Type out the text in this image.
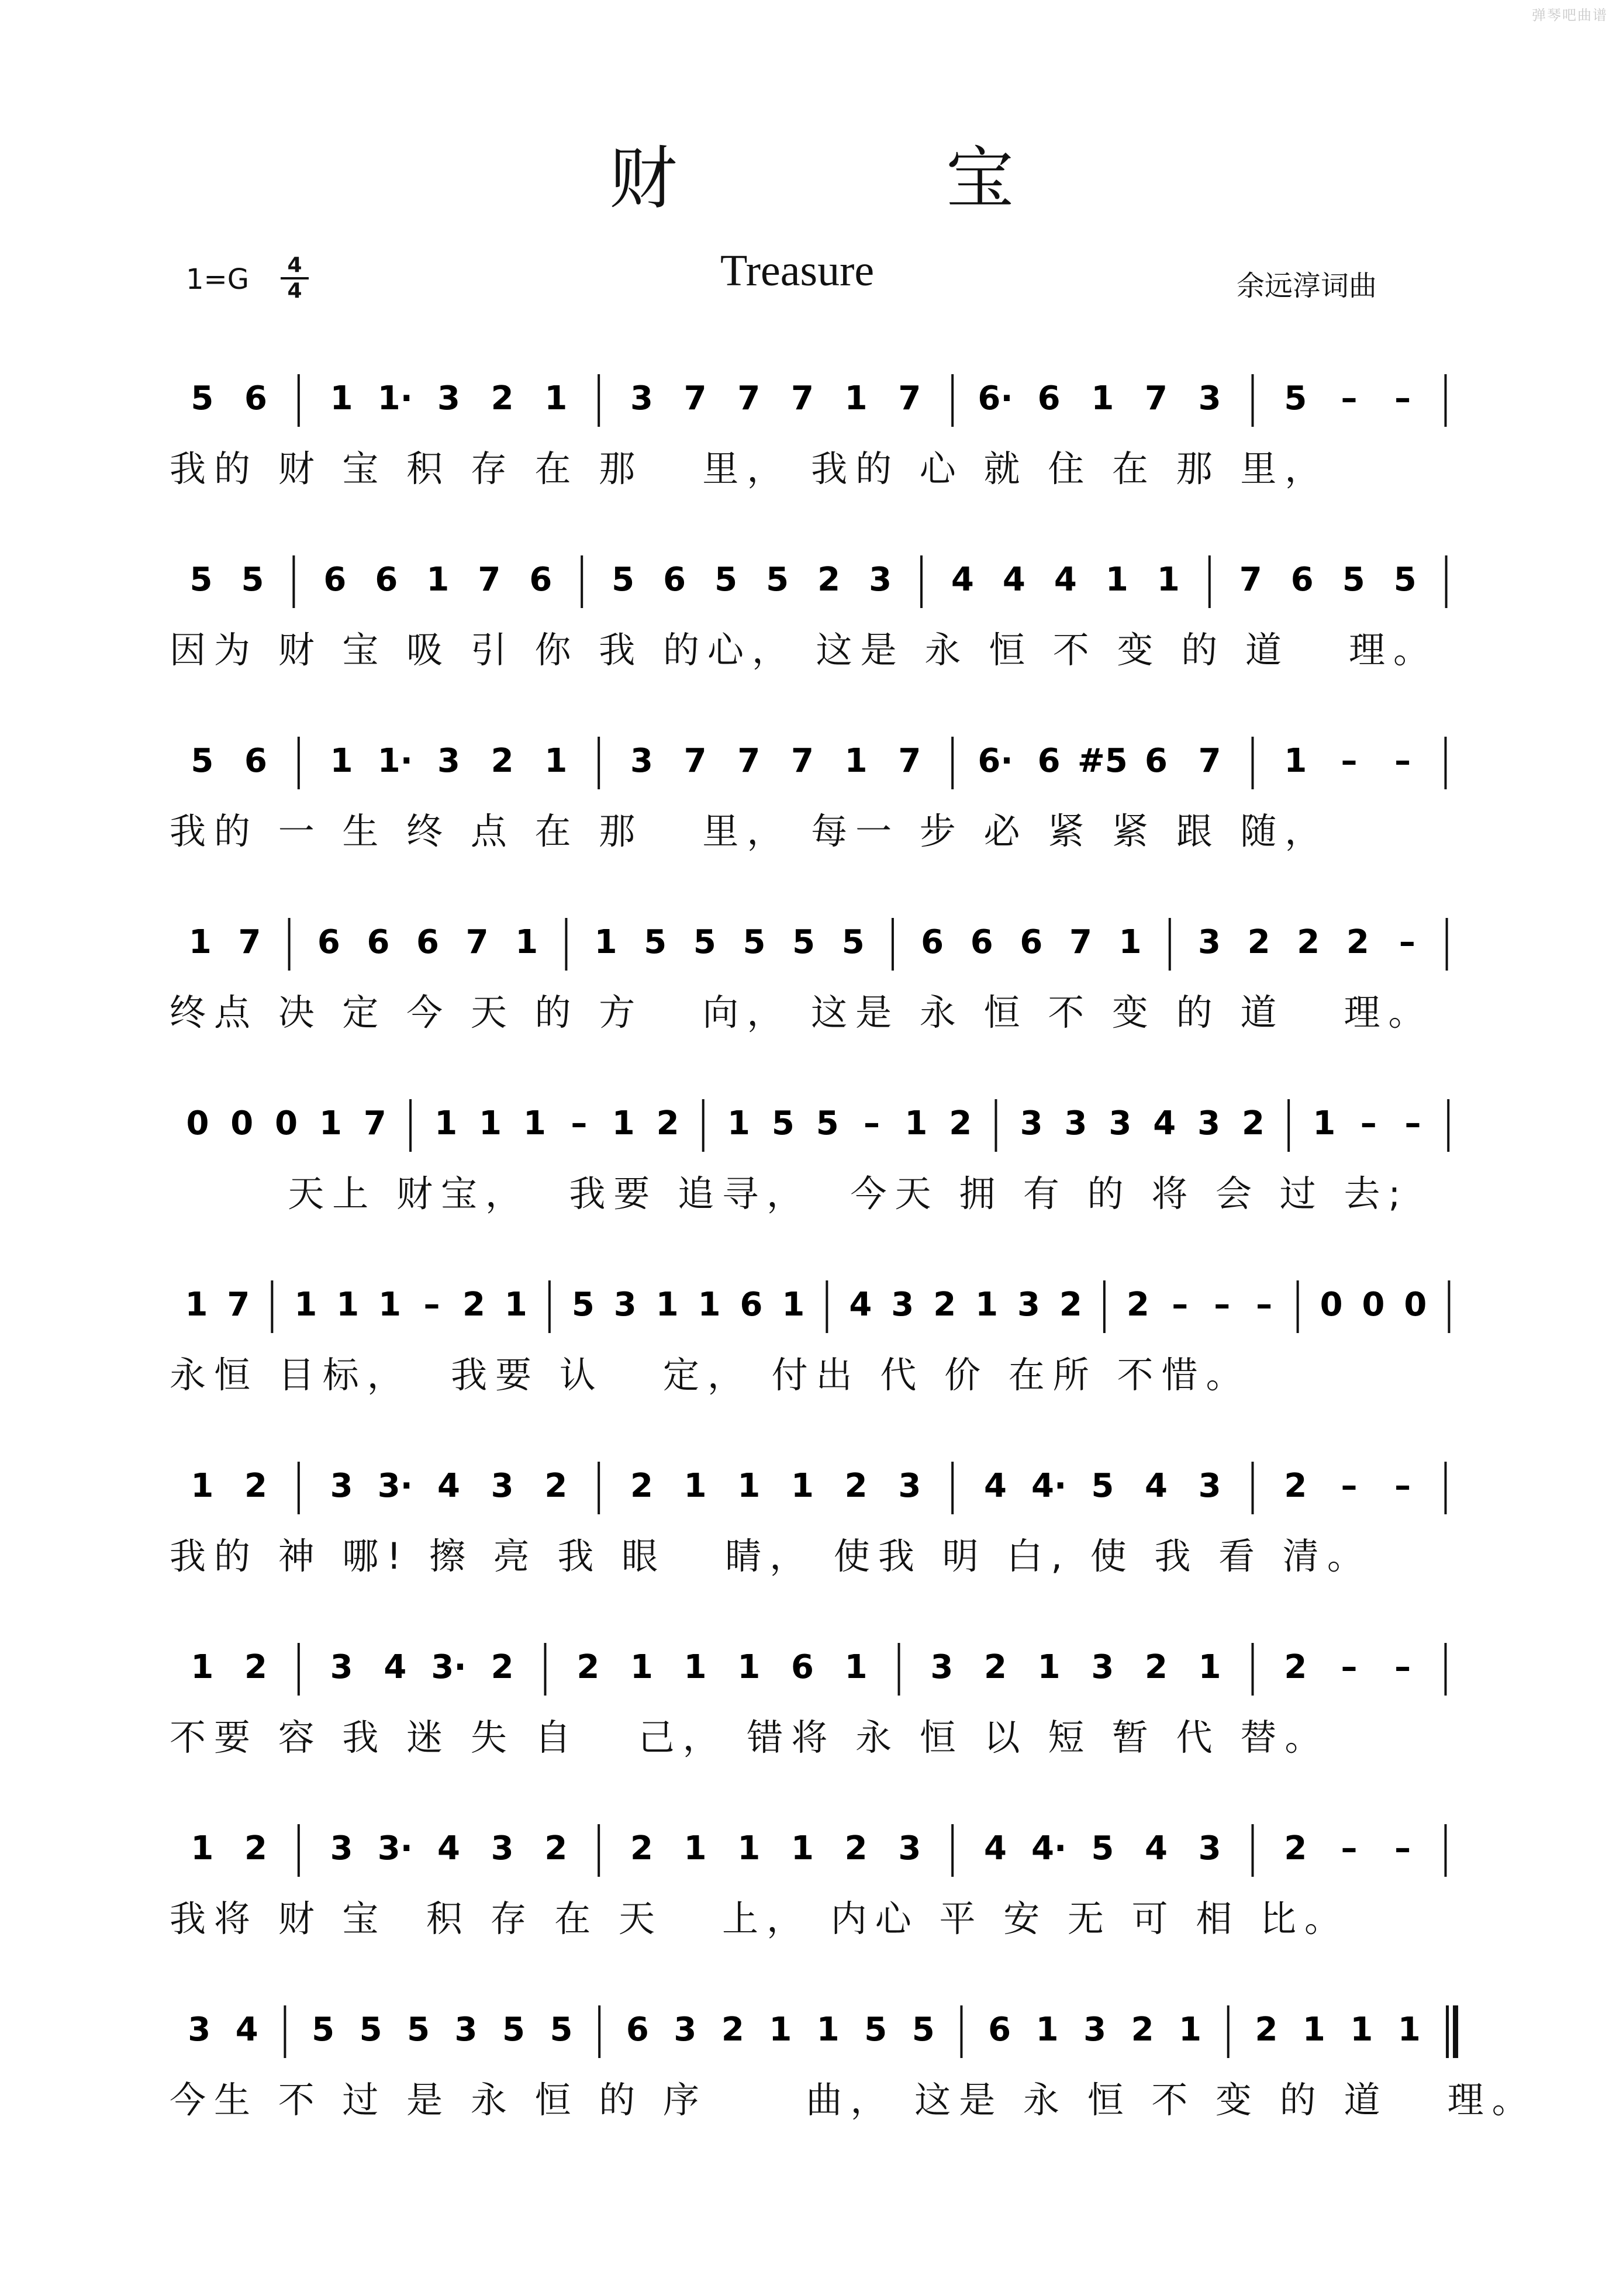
弹琴吧曲谱
财	宝
1=G	4
4	Treasure	余远淳词曲
5 6 1 1· 3 2 1 3 7 7 7 1 7 6· 6 1 7 3 5 – –
我的 财 宝 积 存 在 那   里， 我的 心 就 住 在 那 里，
5 5 6 6 1 7 6 5 6 5 5 2 3 4 4 4 1 1 7 6 5 5
因为 财 宝 吸 引 你 我 的心， 这是 永 恒 不 变 的 道   理。
5 6 1 1· 3 2 1 3 7 7 7 1 7 6· 6 #5 6 7 1 – –
我的 一 生 终 点 在 那   里， 每一 步 必 紧 紧 跟 随，
1 7 6 6 6 7 1 1 5 5 5 5 5 6 6 6 7 1 3 2 2 2 –
终点 决 定 今 天 的 方   向， 这是 永 恒 不 变 的 道   理。
0 0 0 1 7 1 1 1 – 1 2 1 5 5 – 1 2 3 3 3 4 3 2 1 – –
天上 财宝，  我要 追寻，  今天 拥 有 的 将 会 过 去;
1 7 1 1 1 – 2 1 5 3 1 1 6 1 4 3 2 1 3 2 2 – – – 0 0 0
永恒 目标，  我要 认   定， 付出 代 价 在所 不惜。
1 2 3 3· 4 3 2 2 1 1 1 2 3 4 4· 5 4 3 2 – –
我的 神 哪! 擦 亮 我 眼   睛， 使我 明 白, 使 我 看 清。
1 2 3 4 3· 2 2 1 1 1 6 1 3 2 1 3 2 1 2 – –
不要 容 我 迷 失 自   己， 错将 永 恒 以 短 暂 代 替。
1 2 3 3· 4 3 2 2 1 1 1 2 3 4 4· 5 4 3 2 – –
我将 财 宝  积 存 在 天   上， 内心 平 安 无 可 相 比。
3 4 5 5 5 3 5 5 6 3 2 1 1 5 5 6 1 3 2 1 2 1 1 1
今生 不 过 是 永 恒 的 序     曲， 这是 永 恒 不 变 的 道   理。
